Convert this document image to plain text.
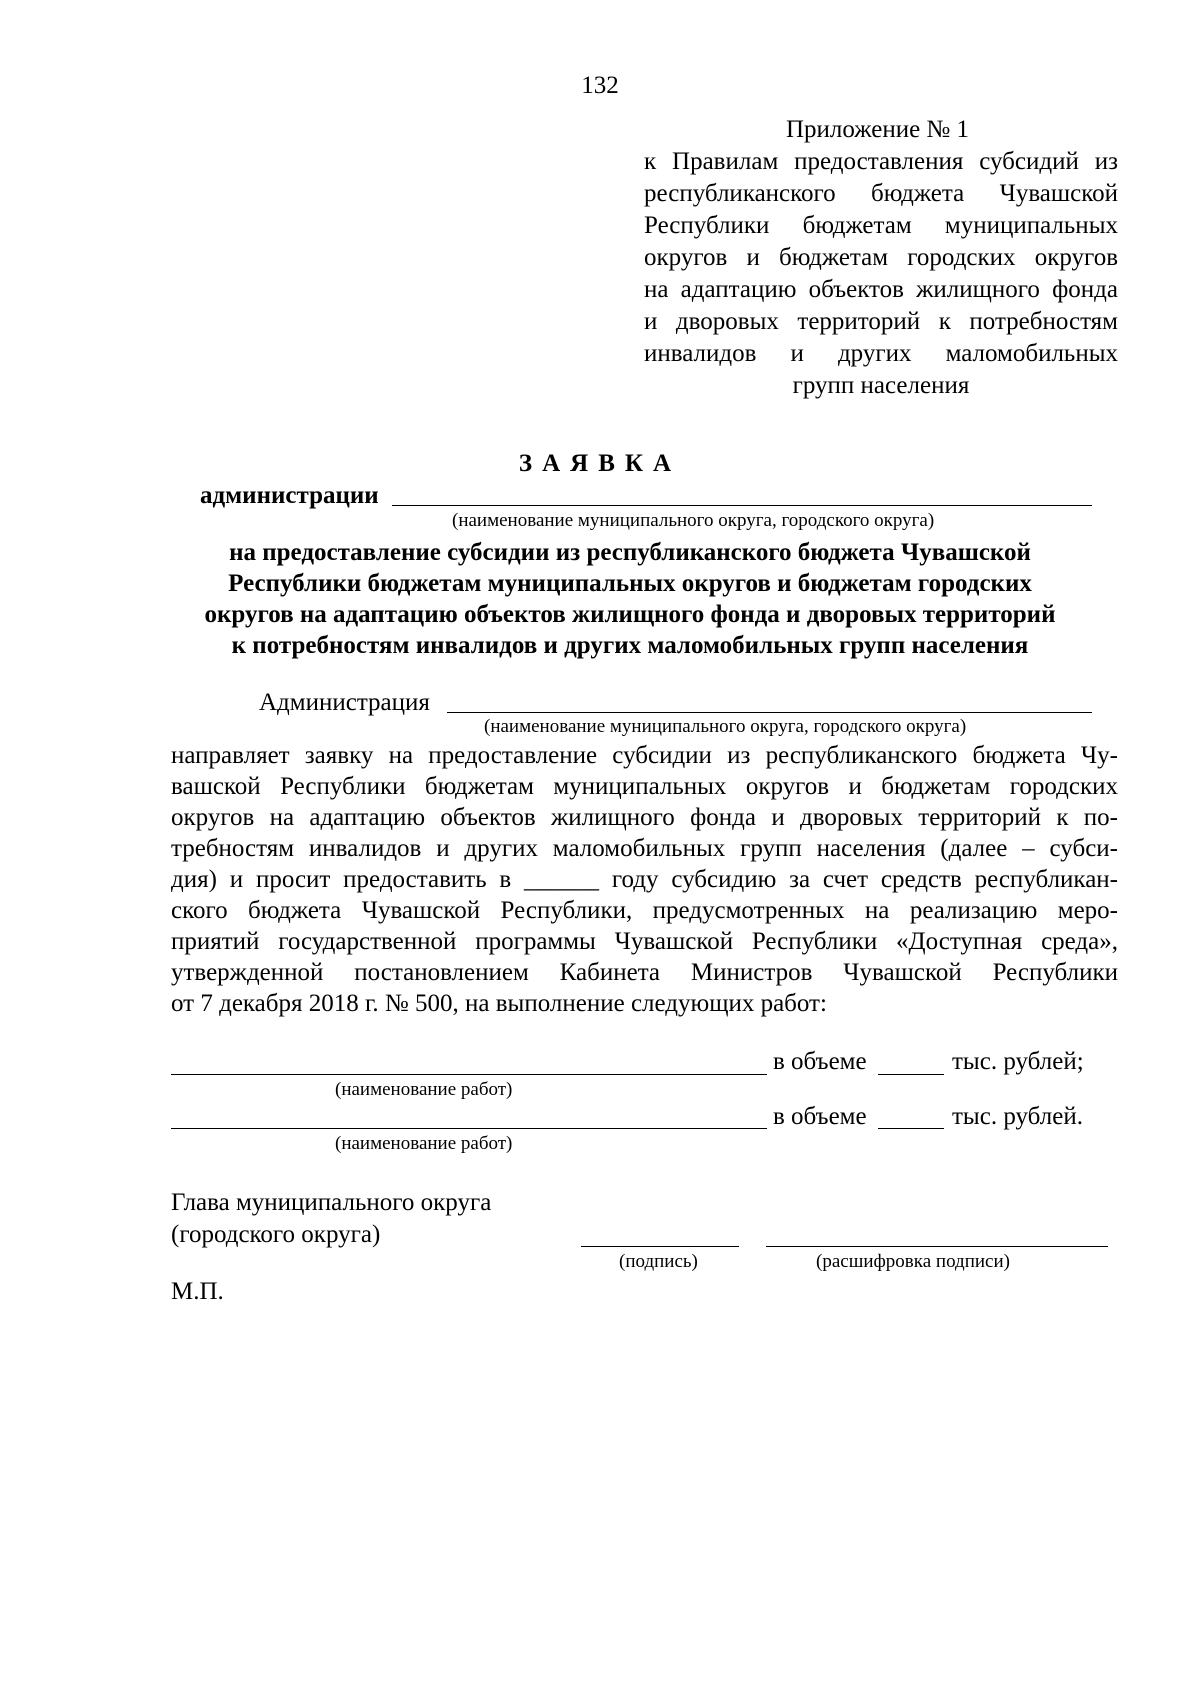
132
Приложение № 1
к Правилам предоставления субсидий из
республиканского бюджета Чувашской
Республики бюджетам муниципальных
округов и бюджетам городских округов
на адаптацию объектов жилищного фонда
и дворовых территорий к потребностям
инвалидов и других маломобильных
групп населения
ЗАЯВКА
администрации
(наименование муниципального округа, городского округа)
на предоставление субсидии из республиканского бюджета Чувашской
Республики бюджетам муниципальных округов и бюджетам городских
округов на адаптацию объектов жилищного фонда и дворовых территорий
к потребностям инвалидов и других маломобильных групп населения
Администрация
(наименование муниципального округа, городского округа)
направляет заявку на предоставление субсидии из республиканского бюджета Чу-
вашской Республики бюджетам муниципальных округов и бюджетам городских
округов на адаптацию объектов жилищного фонда и дворовых территорий к по-
требностям инвалидов и других маломобильных групп населения (далее – субси-
дия) и просит предоставить в ______ году субсидию за счет средств республикан-
ского бюджета Чувашской Республики, предусмотренных на реализацию меро-
приятий государственной программы Чувашской Республики «Доступная среда»,
утвержденной постановлением Кабинета Министров Чувашской Республики
от 7 декабря 2018 г. № 500, на выполнение следующих работ:
в объеме	тыс. рублей;
(наименование работ)
в объеме	тыс. рублей.
(наименование работ)
Глава муниципального округа
(городского округа)
(подпись)	(расшифровка подписи)
М.П.
